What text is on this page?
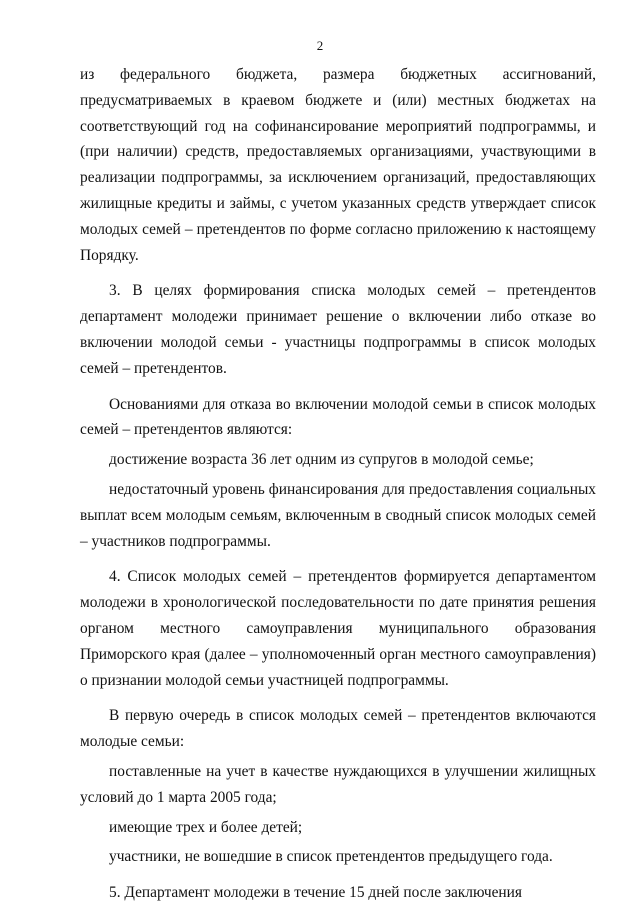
2

из федерального бюджета, размера бюджетных ассигнований, предусматриваемых в краевом бюджете и (или) местных бюджетах на соответствующий год на софинансирование мероприятий подпрограммы, и (при наличии) средств, предоставляемых организациями, участвующими в реализации подпрограммы, за исключением организаций, предоставляющих жилищные кредиты и займы, с учетом указанных средств утверждает список молодых семей – претендентов по форме согласно приложению к настоящему Порядку.

3. В целях формирования списка молодых семей – претендентов департамент молодежи принимает решение о включении либо отказе во включении молодой семьи - участницы подпрограммы в список молодых семей – претендентов.

Основаниями для отказа во включении молодой семьи в список молодых семей – претендентов являются:

достижение возраста 36 лет одним из супругов в молодой семье;

недостаточный уровень финансирования для предоставления социальных выплат всем молодым семьям, включенным в сводный список молодых семей – участников подпрограммы.

4. Список молодых семей – претендентов формируется департаментом молодежи в хронологической последовательности по дате принятия решения органом местного самоуправления муниципального образования Приморского края (далее – уполномоченный орган местного самоуправления) о признании молодой семьи участницей подпрограммы.

В первую очередь в список молодых семей – претендентов включаются молодые семьи:

поставленные на учет в качестве нуждающихся в улучшении жилищных условий до 1 марта 2005 года;

имеющие трех и более детей;

участники, не вошедшие в список претендентов предыдущего года.

5. Департамент молодежи в течение 15 дней после заключения
